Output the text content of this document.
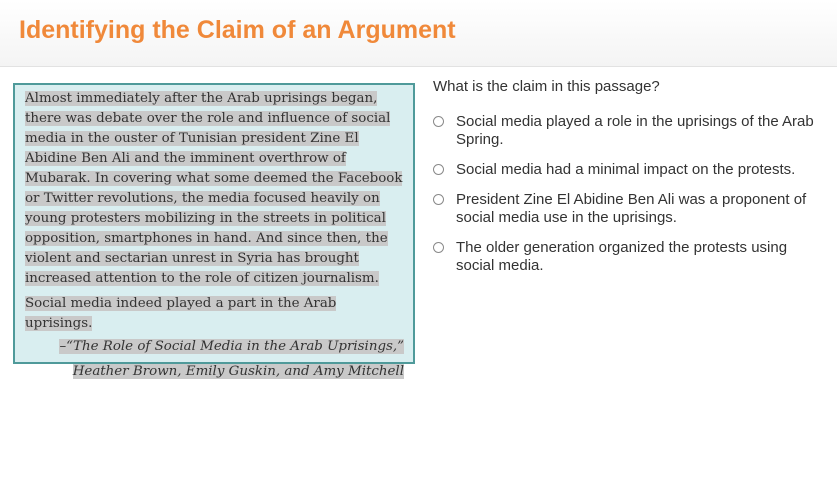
Identifying the Claim of an Argument

Almost immediately after the Arab uprisings began, there was debate over the role and influence of social media in the ouster of Tunisian president Zine El Abidine Ben Ali and the imminent overthrow of Mubarak. In covering what some deemed the Facebook or Twitter revolutions, the media focused heavily on young protesters mobilizing in the streets in political opposition, smartphones in hand. And since then, the violent and sectarian unrest in Syria has brought increased attention to the role of citizen journalism.

Social media indeed played a part in the Arab uprisings.

–“The Role of Social Media in the Arab Uprisings,”

Heather Brown, Emily Guskin, and Amy Mitchell

What is the claim in this passage?
Social media played a role in the uprisings of the Arab Spring.
Social media had a minimal impact on the protests.
President Zine El Abidine Ben Ali was a proponent of social media use in the uprisings.
The older generation organized the protests using social media.
